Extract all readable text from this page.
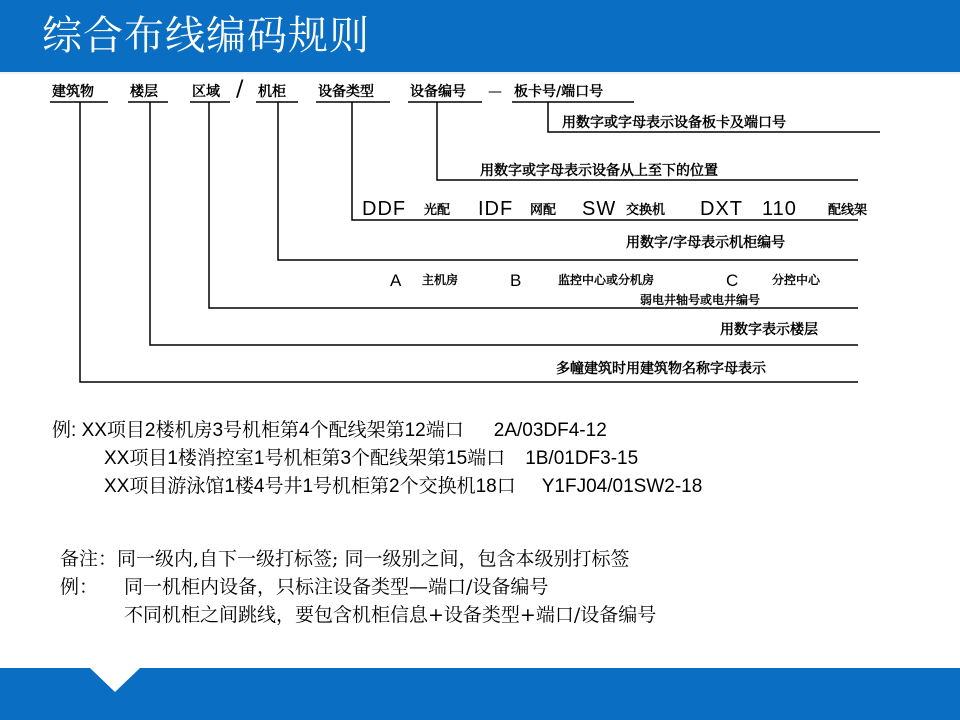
综合布线编码规则
建筑物	楼层 区域 / 机柜 设备类型	设备编号 — 板卡号/端口号
用数字或字母表示设备板卡及端口号
用数字或字母表示设备从上至下的位置
DDF 光配 IDF 网配 SW 交换机 DXT 110 配线架
用数字/字母表示机柜编号
A 主机房	B	监控中心或分机房	C	分控中心
弱电井轴号或电井编号
用数字表示楼层
多幢建筑时用建筑物名称字母表示
例: XX项目2楼机房3号机柜第4个配线架第12端口 2A/03DF4-12
XX项目1楼消控室1号机柜第3个配线架第15端口 1B/01DF3-15
XX项目游泳馆1楼4号井1号机柜第2个交换机18口 Y1FJ04/01SW2-18
备注：同一级内,自下一级打标签; 同一级别之间，包含本级别打标签
例： 同一机柜内设备，只标注设备类型—端口/设备编号
不同机柜之间跳线，要包含机柜信息+设备类型+端口/设备编号
